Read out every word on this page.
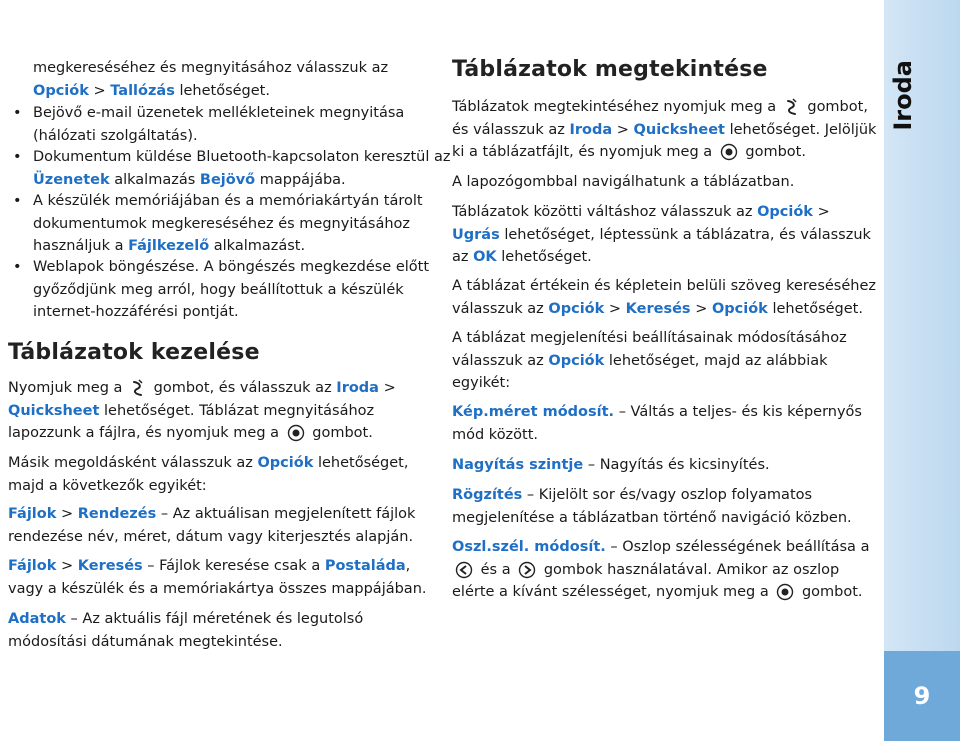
megkereséséhez és megnyitásához válasszuk az Opciók > Tallózás lehetőséget.

• Bejövő e-mail üzenetek mellékleteinek megnyitása (hálózati szolgáltatás).

• Dokumentum küldése Bluetooth-kapcsolaton keresztül az Üzenetek alkalmazás Bejövő mappájába.

• A készülék memóriájában és a memóriakártyán tárolt dokumentumok megkereséséhez és megnyitásához használjuk a Fájlkezelő alkalmazást.

• Weblapok böngészése. A böngészés megkezdése előtt győződjünk meg arról, hogy beállítottuk a készülék internet-hozzáférési pontját.

Táblázatok kezelése

Nyomjuk meg a gombot, és válasszuk az Iroda > Quicksheet lehetőséget. Táblázat megnyitásához lapozzunk a fájlra, és nyomjuk meg a gombot.

Másik megoldásként válasszuk az Opciók lehetőséget, majd a következők egyikét:

Fájlok > Rendezés – Az aktuálisan megjelenített fájlok rendezése név, méret, dátum vagy kiterjesztés alapján.

Fájlok > Keresés – Fájlok keresése csak a Postaláda, vagy a készülék és a memóriakártya összes mappájában.

Adatok – Az aktuális fájl méretének és legutolsó módosítási dátumának megtekintése.

Táblázatok megtekintése

Táblázatok megtekintéséhez nyomjuk meg a gombot, és válasszuk az Iroda > Quicksheet lehetőséget. Jelöljük ki a táblázatfájlt, és nyomjuk meg a gombot.

A lapozógombbal navigálhatunk a táblázatban.

Táblázatok közötti váltáshoz válasszuk az Opciók > Ugrás lehetőséget, léptessünk a táblázatra, és válasszuk az OK lehetőséget.

A táblázat értékein és képletein belüli szöveg kereséséhez válasszuk az Opciók > Keresés > Opciók lehetőséget.

A táblázat megjelenítési beállításainak módosításához válasszuk az Opciók lehetőséget, majd az alábbiak egyikét:

Kép.méret módosít. – Váltás a teljes- és kis képernyős mód között.

Nagyítás szintje – Nagyítás és kicsinyítés.

Rögzítés – Kijelölt sor és/vagy oszlop folyamatos megjelenítése a táblázatban történő navigáció közben.

Oszl.szél. módosít. – Oszlop szélességének beállítása a
és a gombok használatával. Amikor az oszlop elérte a kívánt szélességet, nyomjuk meg a gombot.

Iroda
9
